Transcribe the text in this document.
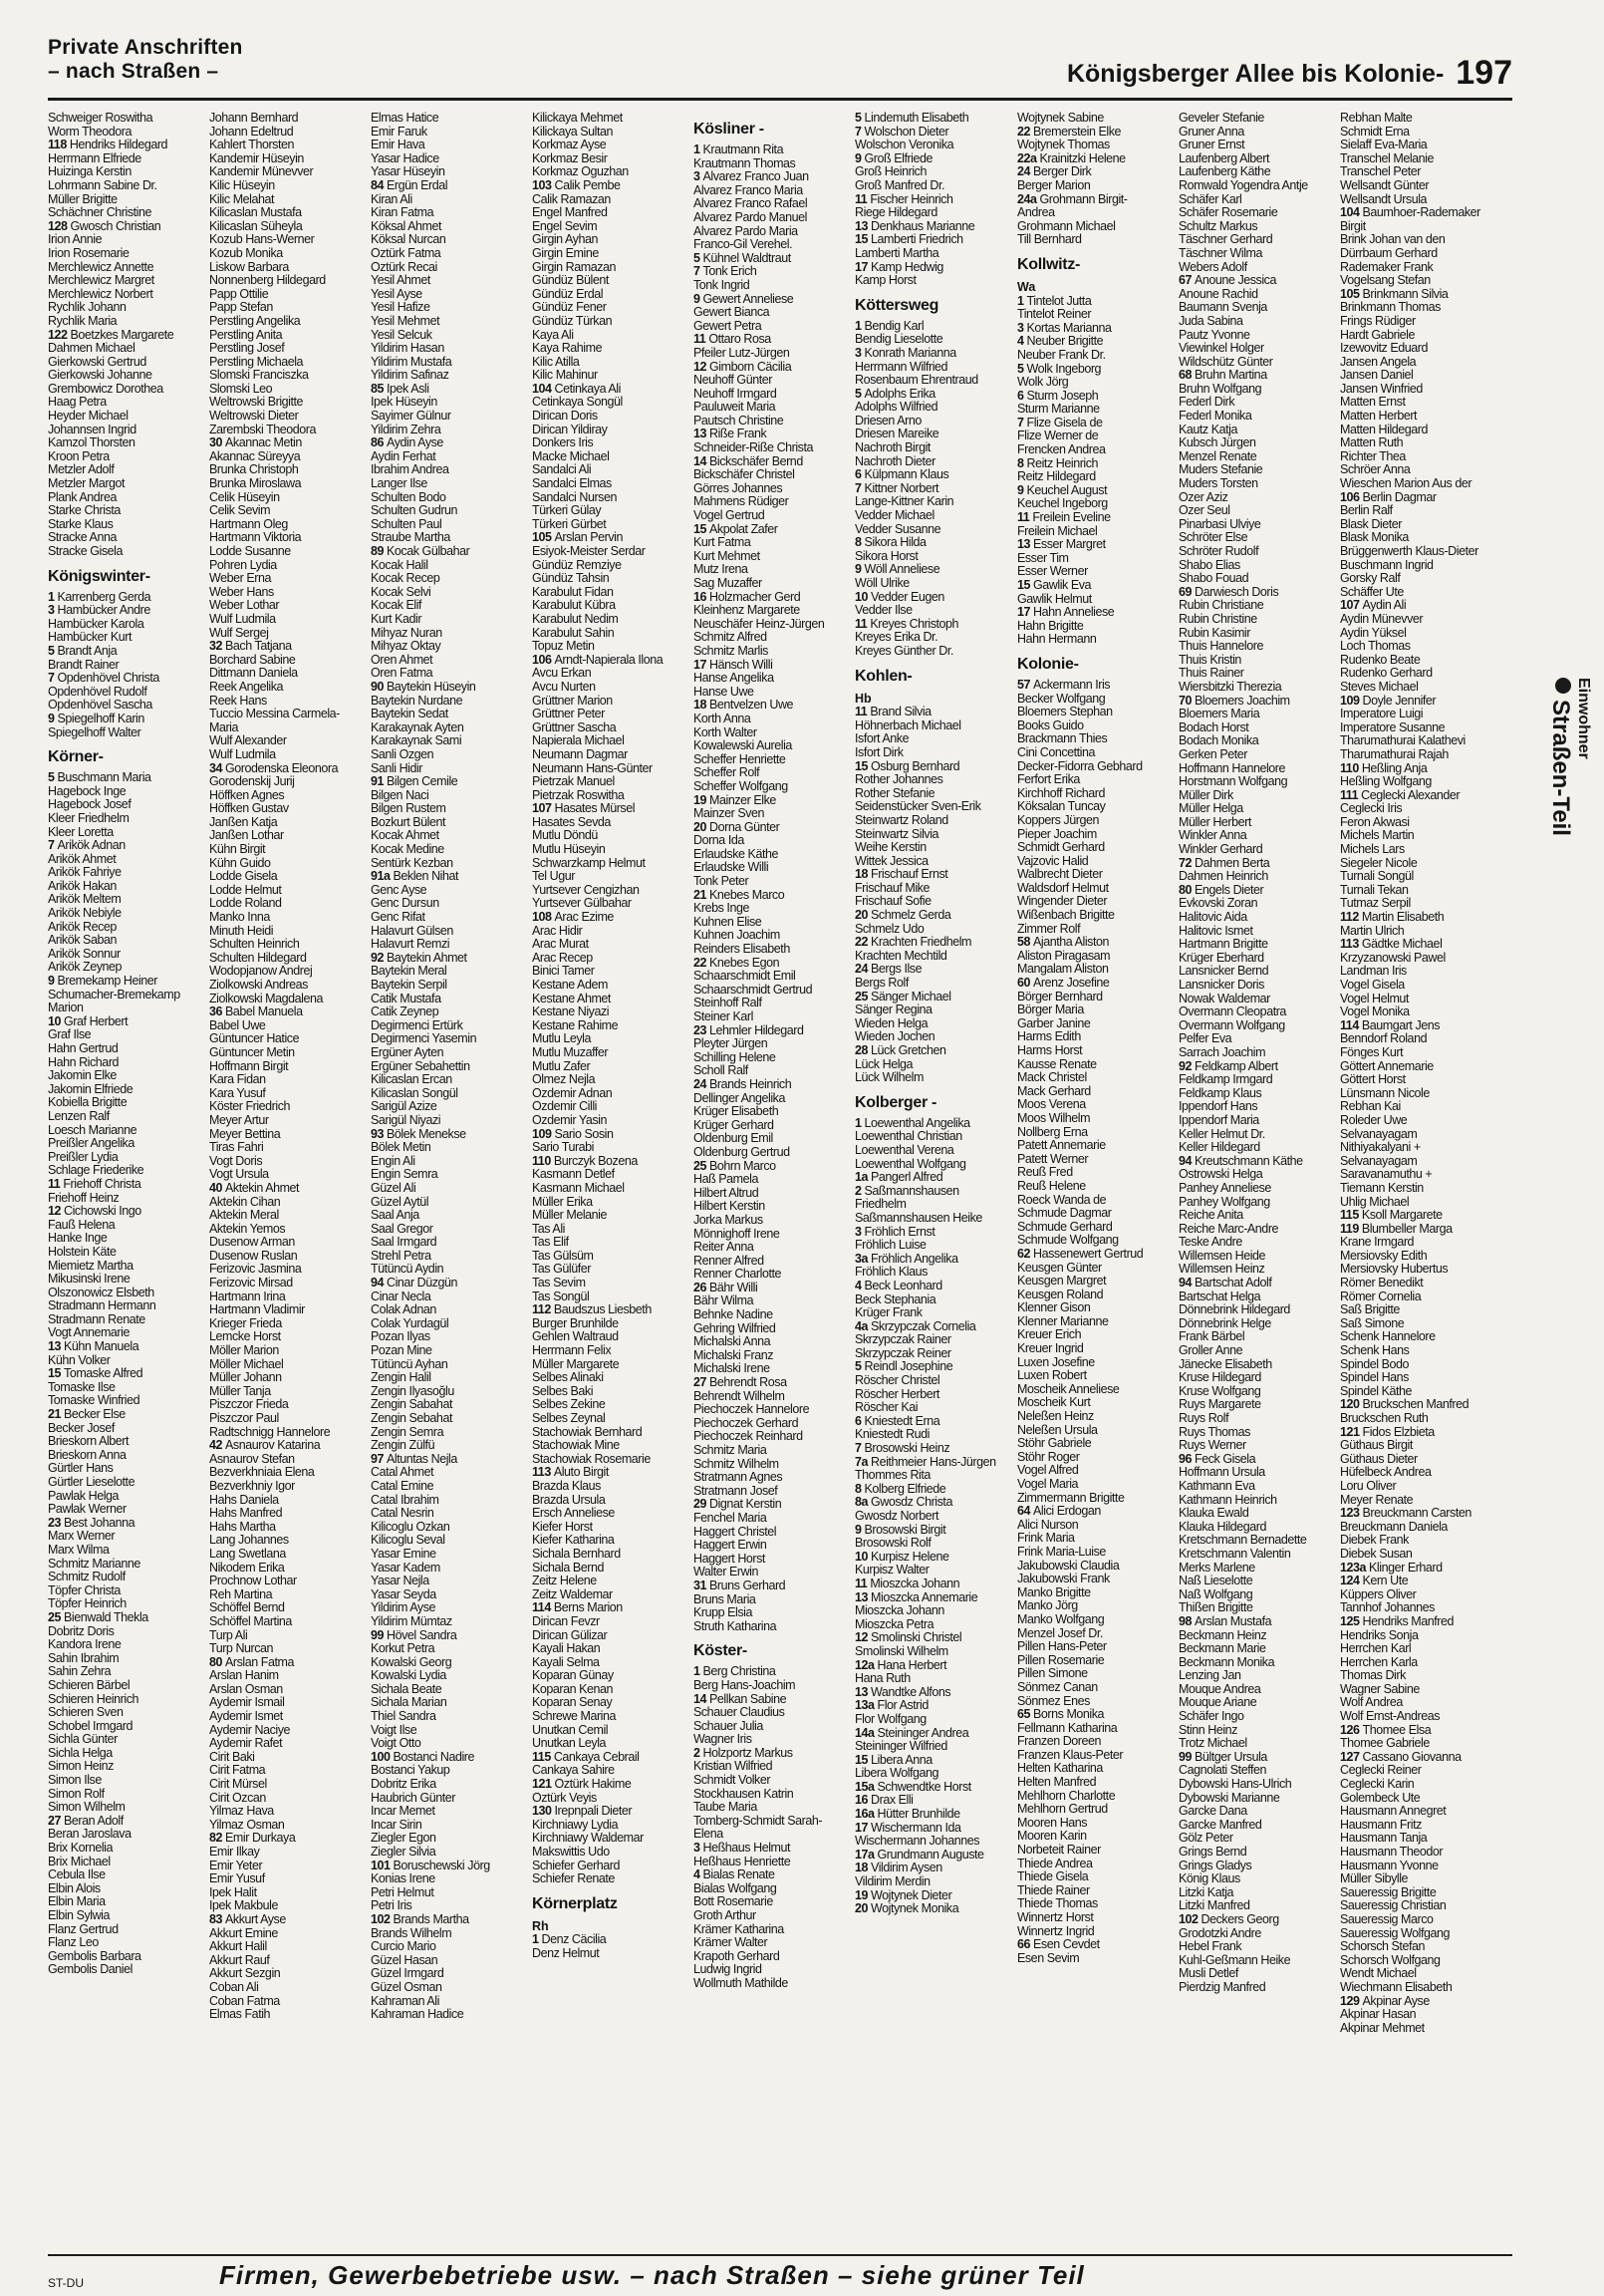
Private Anschriften
– nach Straßen –	Königsberger Allee bis Kolonie- 197
Schweiger Roswitha
Worm Theodora
118 Hendriks Hildegard
Herrmann Elfriede
Huizinga Kerstin
Lohrmann Sabine Dr.
Müller Brigitte
Schächner Christine
128 Gwosch Christian
Irion Annie
Irion Rosemarie
Merchlewicz Annette
Merchlewicz Margret
Merchlewicz Norbert
Rychlik Johann
Rychlik Maria
122 Boetzkes Margarete
Dahmen Michael
Gierkowski Gertrud
Gierkowski Johanne
Grembowicz Dorothea
Haag Petra
Heyder Michael
Johannsen Ingrid
Kamzol Thorsten
Kroon Petra
Metzler Adolf
Metzler Margot
Plank Andrea
Starke Christa
Starke Klaus
Stracke Anna
Stracke Gisela
Königswinter-
1 Karrenberg Gerda
3 Hambücker Andre
Hambücker Karola
Hambücker Kurt
5 Brandt Anja
Brandt Rainer
7 Opdenhövel Christa
Opdenhövel Rudolf
Opdenhövel Sascha
9 Spiegelhoff Karin
Spiegelhoff Walter
Körner-
5 Buschmann Maria
Hagebock Inge
Hagebock Josef
Kleer Friedhelm
Kleer Loretta
7 Arikök Adnan
Arikök Ahmet
Arikök Fahriye
Arikök Hakan
Arikök Meltem
Arikök Nebiyle
Arikök Recep
Arikök Saban
Arikök Sonnur
Arikök Zeynep
9 Bremekamp Heiner
Schumacher-Bremekamp
Marion
10 Graf Herbert
Graf Ilse
Hahn Gertrud
Hahn Richard
Jakomin Elke
Jakomin Elfriede
Kobiella Brigitte
Lenzen Ralf
Loesch Marianne
Preißler Angelika
Preißler Lydia
Schlage Friederike
11 Friehoff Christa
Friehoff Heinz
12 Cichowski Ingo
Fauß Helena
Hanke Inge
Holstein Käte
Miemietz Martha
Mikusinski Irene
Olszonowicz Elsbeth
Stradmann Hermann
Stradmann Renate
Vogt Annemarie
13 Kühn Manuela
Kühn Volker
15 Tomaske Alfred
Tomaske Ilse
Tomaske Winfried
21 Becker Else
Becker Josef
Brieskorn Albert
Brieskorn Anna
Gürtler Hans
Gürtler Lieselotte
Pawlak Helga
Pawlak Werner
23 Best Johanna
Marx Werner
Marx Wilma
Schmitz Marianne
Schmitz Rudolf
Töpfer Christa
Töpfer Heinrich
25 Bienwald Thekla
Dobritz Doris
Kandora Irene
Sahin Ibrahim
Sahin Zehra
Schieren Bärbel
Schieren Heinrich
Schieren Sven
Schobel Irmgard
Sichla Günter
Sichla Helga
Simon Heinz
Simon Ilse
Simon Rolf
Simon Wilhelm
27 Beran Adolf
Beran Jaroslava
Brix Kornelia
Brix Michael
Cebula Ilse
Elbin Alois
Elbin Maria
Elbin Sylwia
Flanz Gertrud
Flanz Leo
Gembolis Barbara
Gembolis Daniel
Johann Bernhard
Johann Edeltrud
Kahlert Thorsten
Kandemir Hüseyin
Kandemir Münevver
Kilic Hüseyin
Kilic Melahat
Kilicaslan Mustafa
Kilicaslan Süheyla
Kozub Hans-Werner
Kozub Monika
Liskow Barbara
Nonnenberg Hildegard
Papp Ottilie
Papp Stefan
Perstling Angelika
Perstling Anita
Perstling Josef
Perstling Michaela
Slomski Franciszka
Slomski Leo
Weltrowski Brigitte
Weltrowski Dieter
Zarembski Theodora
30 Akannac Metin
Akannac Süreyya
Brunka Christoph
Brunka Miroslawa
Celik Hüseyin
Celik Sevim
Hartmann Oleg
Hartmann Viktoria
Lodde Susanne
Pohren Lydia
Weber Erna
Weber Hans
Weber Lothar
Wulf Ludmila
Wulf Sergej
32 Bach Tatjana
Borchard Sabine
Dittmann Daniela
Reek Angelika
Reek Hans
Tuccio Messina Carmela-
Maria
Wulf Alexander
Wulf Ludmila
34 Gorodenska Eleonora
Gorodenskij Jurij
Höffken Agnes
Höffken Gustav
Janßen Katja
Janßen Lothar
Kühn Birgit
Kühn Guido
Lodde Gisela
Lodde Helmut
Lodde Roland
Manko Inna
Minuth Heidi
Schulten Heinrich
Schulten Hildegard
Wodopjanow Andrej
Ziolkowski Andreas
Ziolkowski Magdalena
36 Babel Manuela
Babel Uwe
Güntuncer Hatice
Güntuncer Metin
Hoffmann Birgit
Kara Fidan
Kara Yusuf
Köster Friedrich
Meyer Artur
Meyer Bettina
Tiras Fahri
Vogt Doris
Vogt Ursula
40 Aktekin Ahmet
Aktekin Cihan
Aktekin Meral
Aktekin Yemos
Dusenow Arman
Dusenow Ruslan
Ferizovic Jasmina
Ferizovic Mirsad
Hartmann Irina
Hartmann Vladimir
Krieger Frieda
Lemcke Horst
Möller Marion
Möller Michael
Müller Johann
Müller Tanja
Piszczor Frieda
Piszczor Paul
Radtschnigg Hannelore
42 Asnaurov Katarina
Asnaurov Stefan
Bezverkhniaia Elena
Bezverkhniy Igor
Hahs Daniela
Hahs Manfred
Hahs Martha
Lang Johannes
Lang Swetlana
Nikodem Erika
Prochnow Lothar
Reh Martina
Schöffel Bernd
Schöffel Martina
Turp Ali
Turp Nurcan
80 Arslan Fatma
Arslan Hanim
Arslan Osman
Aydemir Ismail
Aydemir Ismet
Aydemir Naciye
Aydemir Rafet
Cirit Baki
Cirit Fatma
Cirit Mürsel
Cirit Özcan
Yilmaz Hava
Yilmaz Osman
82 Emir Durkaya
Emir Ilkay
Emir Yeter
Emir Yusuf
Ipek Halit
Ipek Makbule
83 Akkurt Ayse
Akkurt Emine
Akkurt Halil
Akkurt Rauf
Akkurt Sezgin
Coban Ali
Coban Fatma
Elmas Fatih
Elmas Hatice
Emir Faruk
Emir Hava
Yasar Hadice
Yasar Hüseyin
84 Ergün Erdal
Kiran Ali
Kiran Fatma
Köksal Ahmet
Köksal Nurcan
Öztürk Fatma
Öztürk Recai
Yesil Ahmet
Yesil Ayse
Yesil Hafize
Yesil Mehmet
Yesil Selcuk
Yildirim Hasan
Yildirim Mustafa
Yildirim Safinaz
85 Ipek Asli
Ipek Hüseyin
Sayimer Gülnur
Yildirim Zehra
86 Aydin Ayse
Aydin Ferhat
Ibrahim Andrea
Langer Ilse
Schulten Bodo
Schulten Gudrun
Schulten Paul
Straube Martha
89 Kocak Gülbahar
Kocak Halil
Kocak Recep
Kocak Selvi
Kocak Elif
Kurt Kadir
Mihyaz Nuran
Mihyaz Oktay
Ören Ahmet
Ören Fatma
90 Baytekin Hüseyin
Baytekin Nurdane
Baytekin Sedat
Karakaynak Ayten
Karakaynak Sami
Sanli Ozgen
Sanli Hidir
91 Bilgen Cemile
Bilgen Naci
Bilgen Rustem
Bozkurt Bülent
Kocak Ahmet
Kocak Medine
Sentürk Kezban
91a Beklen Nihat
Genc Ayse
Genc Dursun
Genc Rifat
Halavurt Gülsen
Halavurt Remzi
92 Baytekin Ahmet
Baytekin Meral
Baytekin Serpil
Catik Mustafa
Catik Zeynep
Degirmenci Ertürk
Degirmenci Yasemin
Ergüner Ayten
Ergüner Sebahettin
Kilicaslan Ercan
Kilicaslan Songül
Sarigül Azize
Sarigül Niyazi
93 Bölek Menekse
Bölek Metin
Engin Ali
Engin Semra
Güzel Ali
Güzel Aytül
Saal Anja
Saal Gregor
Saal Irmgard
Strehl Petra
Tütüncü Aydin
94 Cinar Düzgün
Cinar Necla
Colak Adnan
Colak Yurdagül
Pozan Ilyas
Pozan Mine
Tütüncü Ayhan
Zengin Halil
Zengin Ilyasoğlu
Zengin Sabahat
Zengin Sebahat
Zengin Semra
Zengin Zülfü
97 Altuntas Nejla
Catal Ahmet
Catal Emine
Catal Ibrahim
Catal Nesrin
Kilicoglu Özkan
Kilicoglu Seval
Yasar Emine
Yasar Kadem
Yasar Nejla
Yasar Seyda
Yildirim Ayse
Yildirim Mümtaz
99 Hövel Sandra
Korkut Petra
Kowalski Georg
Kowalski Lydia
Sichala Beate
Sichala Marian
Thiel Sandra
Voigt Ilse
Voigt Otto
100 Bostanci Nadire
Bostanci Yakup
Dobritz Erika
Haubrich Günter
Incar Memet
Incar Sirin
Ziegler Egon
Ziegler Silvia
101 Boruschewski Jörg
Konias Irene
Petri Helmut
Petri Iris
102 Brands Martha
Brands Wilhelm
Curcio Mario
Güzel Hasan
Güzel Irmgard
Güzel Osman
Kahraman Ali
Kahraman Hadice
Kilickaya Mehmet
Kilickaya Sultan
Korkmaz Ayse
Korkmaz Besir
Korkmaz Oguzhan
103 Calik Pembe
Calik Ramazan
Engel Manfred
Engel Sevim
Girgin Ayhan
Girgin Emine
Girgin Ramazan
Gündüz Bülent
Gündüz Erdal
Gündüz Fener
Gündüz Türkan
Kaya Ali
Kaya Rahime
Kilic Atilla
Kilic Mahinur
104 Cetinkaya Ali
Cetinkaya Songül
Dirican Doris
Dirican Yildiray
Donkers Iris
Macke Michael
Sandalci Ali
Sandalci Elmas
Sandalci Nursen
Türkeri Gülay
Türkeri Gürbet
105 Arslan Pervin
Esiyok-Meister Serdar
Gündüz Remziye
Gündüz Tahsin
Karabulut Fidan
Karabulut Kübra
Karabulut Nedim
Karabulut Sahin
Topuz Metin
106 Arndt-Napierala Ilona
Avcu Erkan
Avcu Nurten
Grüttner Marion
Grüttner Peter
Grüttner Sascha
Napierala Michael
Neumann Dagmar
Neumann Hans-Günter
Pietrzak Manuel
Pietrzak Roswitha
107 Hasates Mürsel
Hasates Sevda
Mutlu Döndü
Mutlu Hüseyin
Schwarzkamp Helmut
Tel Ugur
Yurtsever Cengizhan
Yurtsever Gülbahar
108 Arac Ezime
Arac Hidir
Arac Murat
Arac Recep
Binici Tamer
Kestane Adem
Kestane Ahmet
Kestane Niyazi
Kestane Rahime
Mutlu Leyla
Mutlu Muzaffer
Mutlu Zafer
Ölmez Nejla
Özdemir Adnan
Özdemir Cilli
Özdemir Yasin
109 Sario Sosin
Sario Turabi
110 Burczyk Bozena
Kasmann Detlef
Kasmann Michael
Müller Erika
Müller Melanie
Tas Ali
Tas Elif
Tas Gülsüm
Tas Gülüfer
Tas Sevim
Tas Songül
112 Baudszus Liesbeth
Burger Brunhilde
Gehlen Waltraud
Herrmann Felix
Müller Margarete
Selbes Alinaki
Selbes Baki
Selbes Zekine
Selbes Zeynal
Stachowiak Bernhard
Stachowiak Mine
Stachowiak Rosemarie
113 Aluto Birgit
Brazda Klaus
Brazda Ursula
Ersch Anneliese
Kiefer Horst
Kiefer Katharina
Sichala Bernhard
Sichala Bernd
Zeitz Helene
Zeitz Waldemar
114 Berns Marion
Dirican Fevzr
Dirican Gülizar
Kayali Hakan
Kayali Selma
Koparan Günay
Koparan Kenan
Koparan Senay
Schrewe Marina
Unutkan Cemil
Unutkan Leyla
115 Cankaya Cebrail
Cankaya Sahire
121 Öztürk Hakime
Öztürk Veyis
130 Irepnpali Dieter
Kirchniawy Lydia
Kirchniawy Waldemar
Makswittis Udo
Schiefer Gerhard
Schiefer Renate
Körnerplatz
Rh
1 Denz Cäcilia
Denz Helmut
Kösliner -
1 Krautmann Rita
Krautmann Thomas
3 Alvarez Franco Juan
Alvarez Franco Maria
Alvarez Franco Rafael
Alvarez Pardo Manuel
Alvarez Pardo Maria
Franco-Gil Verehel.
5 Kühnel Waldtraut
7 Tonk Erich
Tonk Ingrid
9 Gewert Anneliese
Gewert Bianca
Gewert Petra
11 Ottaro Rosa
Pfeiler Lutz-Jürgen
12 Gimborn Cäcilia
Neuhoff Günter
Neuhoff Irmgard
Pauluweit Maria
Pautsch Christine
13 Riße Frank
Schneider-Riße Christa
14 Bickschäfer Bernd
Bickschäfer Christel
Görres Johannes
Mahmens Rüdiger
Vogel Gertrud
15 Akpolat Zafer
Kurt Fatma
Kurt Mehmet
Mutz Irena
Sag Muzaffer
16 Holzmacher Gerd
Kleinhenz Margarete
Neuschäfer Heinz-Jürgen
Schmitz Alfred
Schmitz Marlis
17 Hänsch Willi
Hanse Angelika
Hanse Uwe
18 Bentvelzen Uwe
Korth Anna
Korth Walter
Kowalewski Aurelia
Scheffer Henriette
Scheffer Rolf
Scheffer Wolfgang
19 Mainzer Elke
Mainzer Sven
20 Dorna Günter
Dorna Ida
Erlaudske Käthe
Erlaudske Willi
Tonk Peter
21 Knebes Marco
Krebs Inge
Kuhnen Elise
Kuhnen Joachim
Reinders Elisabeth
22 Knebes Egon
Schaarschmidt Emil
Schaarschmidt Gertrud
Steinhoff Ralf
Steiner Karl
23 Lehmler Hildegard
Pleyter Jürgen
Schilling Helene
Scholl Ralf
24 Brands Heinrich
Dellinger Angelika
Krüger Elisabeth
Krüger Gerhard
Oldenburg Emil
Oldenburg Gertrud
25 Bohrn Marco
Haß Pamela
Hilbert Altrud
Hilbert Kerstin
Jorka Markus
Mönnighoff Irene
Reiter Anna
Renner Alfred
Renner Charlotte
26 Bähr Willi
Bähr Wilma
Behnke Nadine
Gehring Wilfried
Michalski Anna
Michalski Franz
Michalski Irene
27 Behrendt Rosa
Behrendt Wilhelm
Piechoczek Hannelore
Piechoczek Gerhard
Piechoczek Reinhard
Schmitz Maria
Schmitz Wilhelm
Stratmann Agnes
Stratmann Josef
29 Dignat Kerstin
Fenchel Maria
Haggert Christel
Haggert Erwin
Haggert Horst
Walter Erwin
31 Bruns Gerhard
Bruns Maria
Krupp Elsia
Struth Katharina
Köster-
1 Berg Christina
Berg Hans-Joachim
14 Pellkan Sabine
Schauer Claudius
Schauer Julia
Wagner Iris
2 Holzportz Markus
Kristian Wilfried
Schmidt Volker
Stockhausen Katrin
Taube Maria
Tomberg-Schmidt Sarah-
Elena
3 Heßhaus Helmut
Heßhaus Henriette
4 Bialas Renate
Bialas Wolfgang
Bott Rosemarie
Groth Arthur
Krämer Katharina
Krämer Walter
Krapoth Gerhard
Ludwig Ingrid
Wollmuth Mathilde
5 Lindemuth Elisabeth
7 Wolschon Dieter
Wolschon Veronika
9 Groß Elfriede
Groß Heinrich
Groß Manfred Dr.
11 Fischer Heinrich
Riege Hildegard
13 Denkhaus Marianne
15 Lamberti Friedrich
Lamberti Martha
17 Kamp Hedwig
Kamp Horst
Köttersweg
1 Bendig Karl
Bendig Lieselotte
3 Konrath Marianna
Herrmann Wilfried
Rosenbaum Ehrentraud
5 Adolphs Erika
Adolphs Wilfried
Driesen Arno
Driesen Mareike
Nachroth Birgit
Nachroth Dieter
6 Külpmann Klaus
7 Kittner Norbert
Lange-Kittner Karin
Vedder Michael
Vedder Susanne
8 Sikora Hilda
Sikora Horst
9 Wöll Anneliese
Wöll Ulrike
10 Vedder Eugen
Vedder Ilse
11 Kreyes Christoph
Kreyes Erika Dr.
Kreyes Günther Dr.
Kohlen-
Hb
11 Brand Silvia
Höhnerbach Michael
Isfort Anke
Isfort Dirk
15 Osburg Bernhard
Rother Johannes
Rother Stefanie
Seidenstücker Sven-Erik
Steinwartz Roland
Steinwartz Silvia
Weihe Kerstin
Wittek Jessica
18 Frischauf Ernst
Frischauf Mike
Frischauf Sofie
20 Schmelz Gerda
Schmelz Udo
22 Krachten Friedhelm
Krachten Mechtild
24 Bergs Ilse
Bergs Rolf
25 Sänger Michael
Sänger Regina
Wieden Helga
Wieden Jochen
28 Lück Gretchen
Lück Helga
Lück Wilhelm
Kolberger -
1 Loewenthal Angelika
Loewenthal Christian
Loewenthal Verena
Loewenthal Wolfgang
1a Pangerl Alfred
2 Saßmannshausen
Friedhelm
Saßmannshausen Heike
3 Fröhlich Ernst
Fröhlich Luise
3a Fröhlich Angelika
Fröhlich Klaus
4 Beck Leonhard
Beck Stephania
Krüger Frank
4a Skrzypczak Cornelia
Skrzypczak Rainer
Skrzypczak Reiner
5 Reindl Josephine
Röscher Christel
Röscher Herbert
Röscher Kai
6 Kniestedt Erna
Kniestedt Rudi
7 Brosowski Heinz
7a Reithmeier Hans-Jürgen
Thommes Rita
8 Kolberg Elfriede
8a Gwosdz Christa
Gwosdz Norbert
9 Brosowski Birgit
Brosowski Rolf
10 Kurpisz Helene
Kurpisz Walter
11 Mioszcka Johann
13 Mioszcka Annemarie
Mioszcka Johann
Mioszcka Petra
12 Smolinski Christel
Smolinski Wilhelm
12a Hana Herbert
Hana Ruth
13 Wandtke Alfons
13a Flor Astrid
Flor Wolfgang
14a Steininger Andrea
Steininger Wilfried
15 Libera Anna
Libera Wolfgang
15a Schwendtke Horst
16 Drax Elli
16a Hütter Brunhilde
17 Wischermann Ida
Wischermann Johannes
17a Grundmann Auguste
18 Vildirim Aysen
Vildirim Merdin
19 Wojtynek Dieter
20 Wojtynek Monika
Wojtynek Sabine
22 Bremerstein Elke
Wojtynek Thomas
22a Krainitzki Helene
24 Berger Dirk
Berger Marion
24a Grohmann Birgit-
Andrea
Grohmann Michael
Till Bernhard
Kollwitz-
Wa
1 Tintelot Jutta
Tintelot Reiner
3 Kortas Marianna
4 Neuber Brigitte
Neuber Frank Dr.
5 Wolk Ingeborg
Wolk Jörg
6 Sturm Joseph
Sturm Marianne
7 Flize Gisela de
Flize Werner de
Frencken Andrea
8 Reitz Heinrich
Reitz Hildegard
9 Keuchel August
Keuchel Ingeborg
11 Freilein Eveline
Freilein Michael
13 Esser Margret
Esser Tim
Esser Werner
15 Gawlik Eva
Gawlik Helmut
17 Hahn Anneliese
Hahn Brigitte
Hahn Hermann
Kolonie-
57 Ackermann Iris
Becker Wolfgang
Bloemers Stephan
Books Guido
Brackmann Thies
Cini Concettina
Decker-Fidorra Gebhard
Ferfort Erika
Kirchhoff Richard
Köksalan Tuncay
Koppers Jürgen
Pieper Joachim
Schmidt Gerhard
Vajzovic Halid
Walbrecht Dieter
Waldsdorf Helmut
Wingender Dieter
Wißenbach Brigitte
Zimmer Rolf
58 Ajantha Aliston
Aliston Piragasam
Mangalam Aliston
60 Arenz Josefine
Börger Bernhard
Börger Maria
Garber Janine
Harms Edith
Harms Horst
Kausse Renate
Mack Christel
Mack Gerhard
Moos Verena
Moos Wilhelm
Nollberg Erna
Patett Annemarie
Patett Werner
Reuß Fred
Reuß Helene
Roeck Wanda de
Schmude Dagmar
Schmude Gerhard
Schmude Wolfgang
62 Hassenewert Gertrud
Keusgen Günter
Keusgen Margret
Keusgen Roland
Klenner Gison
Klenner Marianne
Kreuer Erich
Kreuer Ingrid
Luxen Josefine
Luxen Robert
Moscheik Anneliese
Moscheik Kurt
Neleßen Heinz
Neleßen Ursula
Stöhr Gabriele
Stöhr Roger
Vogel Alfred
Vogel Maria
Zimmermann Brigitte
64 Alici Erdogan
Alici Nurson
Frink Maria
Frink Maria-Luise
Jakubowski Claudia
Jakubowski Frank
Manko Brigitte
Manko Jörg
Manko Wolfgang
Menzel Josef Dr.
Pillen Hans-Peter
Pillen Rosemarie
Pillen Simone
Sönmez Canan
Sönmez Enes
65 Borns Monika
Fellmann Katharina
Franzen Doreen
Franzen Klaus-Peter
Helten Katharina
Helten Manfred
Mehlhorn Charlotte
Mehlhorn Gertrud
Mooren Hans
Mooren Karin
Norbeteit Rainer
Thiede Andrea
Thiede Gisela
Thiede Rainer
Thiede Thomas
Winnertz Horst
Winnertz Ingrid
66 Esen Cevdet
Esen Sevim
Geveler Stefanie
Gruner Anna
Gruner Ernst
Laufenberg Albert
Laufenberg Käthe
Romwald Yogendra Antje
Schäfer Karl
Schäfer Rosemarie
Schultz Markus
Täschner Gerhard
Täschner Wilma
Webers Adolf
67 Anoune Jessica
Anoune Rachid
Baumann Svenja
Juda Sabina
Pautz Yvonne
Viewinkel Holger
Wildschütz Günter
68 Bruhn Martina
Bruhn Wolfgang
Federl Dirk
Federl Monika
Kautz Katja
Kubsch Jürgen
Menzel Renate
Muders Stefanie
Muders Torsten
Özer Aziz
Özer Seul
Pinarbasi Ulviye
Schröter Else
Schröter Rudolf
Shabo Elias
Shabo Fouad
69 Darwiesch Doris
Rubin Christiane
Rubin Christine
Rubin Kasimir
Thuis Hannelore
Thuis Kristin
Thuis Rainer
Wiersbitzki Therezia
70 Bloemers Joachim
Bloemers Maria
Bodach Horst
Bodach Monika
Gerken Peter
Hoffmann Hannelore
Horstmann Wolfgang
Müller Dirk
Müller Helga
Müller Herbert
Winkler Anna
Winkler Gerhard
72 Dahmen Berta
Dahmen Heinrich
80 Engels Dieter
Evkovski Zoran
Halitovic Aida
Halitovic Ismet
Hartmann Brigitte
Krüger Eberhard
Lansnicker Bernd
Lansnicker Doris
Nowak Waldemar
Overmann Cleopatra
Overmann Wolfgang
Pelfer Eva
Sarrach Joachim
92 Feldkamp Albert
Feldkamp Irmgard
Feldkamp Klaus
Ippendorf Hans
Ippendorf Maria
Keller Helmut Dr.
Keller Hildegard
94 Kreutschmann Käthe
Ostrowski Helga
Panhey Anneliese
Panhey Wolfgang
Reiche Anita
Reiche Marc-Andre
Teske Andre
Willemsen Heide
Willemsen Heinz
94 Bartschat Adolf
Bartschat Helga
Dönnebrink Hildegard
Dönnebrink Helge
Frank Bärbel
Groller Anne
Jänecke Elisabeth
Kruse Hildegard
Kruse Wolfgang
Ruys Margarete
Ruys Rolf
Ruys Thomas
Ruys Werner
96 Feck Gisela
Hoffmann Ursula
Kathmann Eva
Kathmann Heinrich
Klauka Ewald
Klauka Hildegard
Kretschmann Bernadette
Kretschmann Valentin
Merks Marlene
Naß Lieselotte
Naß Wolfgang
Thißen Brigitte
98 Arslan Mustafa
Beckmann Heinz
Beckmann Marie
Beckmann Monika
Lenzing Jan
Mouque Andrea
Mouque Ariane
Schäfer Ingo
Stinn Heinz
Trotz Michael
99 Bültger Ursula
Cagnolati Steffen
Dybowski Hans-Ulrich
Dybowski Marianne
Garcke Dana
Garcke Manfred
Gölz Peter
Grings Bernd
Grings Gladys
König Klaus
Litzki Katja
Litzki Manfred
102 Deckers Georg
Grodotzki Andre
Hebel Frank
Kuhl-Geßmann Heike
Musli Detlef
Pierdzig Manfred
Rebhan Malte
Schmidt Erna
Sielaff Eva-Maria
Transchel Melanie
Transchel Peter
Wellsandt Günter
Wellsandt Ursula
104 Baumhoer-Rademaker
Birgit
Brink Johan van den
Dürrbaum Gerhard
Rademaker Frank
Vogelsang Stefan
105 Brinkmann Silvia
Brinkmann Thomas
Frings Rüdiger
Hardt Gabriele
Izewovitz Eduard
Jansen Angela
Jansen Daniel
Jansen Winfried
Matten Ernst
Matten Herbert
Matten Hildegard
Matten Ruth
Richter Thea
Schröer Anna
Wieschen Marion Aus der
106 Berlin Dagmar
Berlin Ralf
Blask Dieter
Blask Monika
Brüggenwerth Klaus-Dieter
Buschmann Ingrid
Gorsky Ralf
Schäffer Ute
107 Aydin Ali
Aydin Münevver
Aydin Yüksel
Loch Thomas
Rudenko Beate
Rudenko Gerhard
Steves Michael
109 Doyle Jennifer
Imperatore Luigi
Imperatore Susanne
Tharumathurai Kalathevi
Tharumathurai Rajah
110 Heßling Anja
Heßling Wolfgang
111 Ceglecki Alexander
Ceglecki Iris
Feron Akwasi
Michels Martin
Michels Lars
Siegeler Nicole
Turnali Songül
Turnali Tekan
Tutmaz Serpil
112 Martin Elisabeth
Martin Ulrich
113 Gädtke Michael
Krzyzanowski Pawel
Landman Iris
Vogel Gisela
Vogel Helmut
Vogel Monika
114 Baumgart Jens
Benndorf Roland
Fönges Kurt
Göttert Annemarie
Göttert Horst
Lünsmann Nicole
Rebhan Kai
Roleder Uwe
Selvanayagam
Nithiyakalyani +
Selvanayagam
Saravanamuthu +
Tiemann Kerstin
Uhlig Michael
115 Ksoll Margarete
119 Blumbeller Marga
Krane Irmgard
Mersiovsky Edith
Mersiovsky Hubertus
Römer Benedikt
Römer Cornelia
Saß Brigitte
Saß Simone
Schenk Hannelore
Schenk Hans
Spindel Bodo
Spindel Hans
Spindel Käthe
120 Bruckschen Manfred
Bruckschen Ruth
121 Fidos Elzbieta
Güthaus Birgit
Güthaus Dieter
Hüfelbeck Andrea
Loru Oliver
Meyer Renate
123 Breuckmann Carsten
Breuckmann Daniela
Diebek Frank
Diebek Susan
123a Klinger Erhard
124 Kern Ute
Küppers Oliver
Tannhof Johannes
125 Hendriks Manfred
Hendriks Sonja
Herrchen Karl
Herrchen Karla
Thomas Dirk
Wagner Sabine
Wolf Andrea
Wolf Ernst-Andreas
126 Thomee Elsa
Thomee Gabriele
127 Cassano Giovanna
Ceglecki Reiner
Ceglecki Karin
Golembeck Ute
Hausmann Annegret
Hausmann Fritz
Hausmann Tanja
Hausmann Theodor
Hausmann Yvonne
Müller Sibylle
Saueressig Brigitte
Saueressig Christian
Saueressig Marco
Saueressig Wolfgang
Schorsch Stefan
Schorsch Wolfgang
Wendt Michael
Wiechmann Elisabeth
129 Akpinar Ayse
Akpinar Hasan
Akpinar Mehmet
Einwohner
Straßen-Teil
Firmen, Gewerbebetriebe usw. – nach Straßen – siehe grüner Teil
ST-DU
